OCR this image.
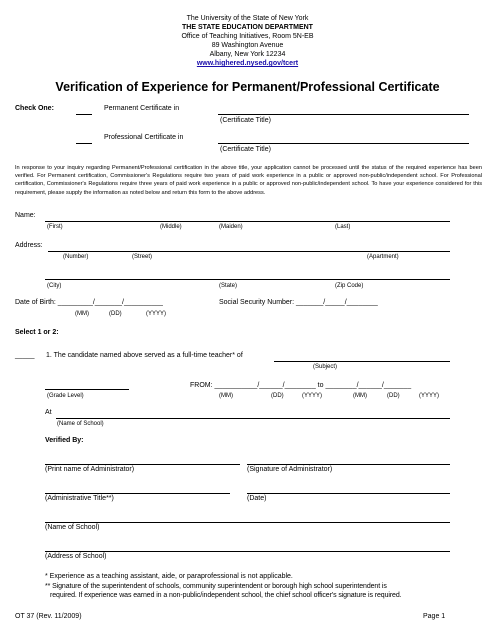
The University of the State of New York
THE STATE EDUCATION DEPARTMENT
Office of Teaching Initiatives, Room 5N-EB
89 Washington Avenue
Albany, New York 12234
www.highered.nysed.gov/tcert
Verification of Experience for Permanent/Professional Certificate
Check One:	Permanent Certificate in
(Certificate Title)
Professional Certificate in
(Certificate Title)
In response to your inquiry regarding Permanent/Professional certification in the above title, your application cannot be processed until the status of the required experience has been verified. For Permanent certification, Commissioner's Regulations require two years of paid work experience in a public or approved non-public/independent school. For Professional certification, Commissioner's Regulations require three years of paid work experience in a public or approved non-public/independent school. To have your experience considered for this requirement, please supply the information as noted below and return this form to the above address.
Name:
(First)	(Middle)	(Maiden)	(Last)
Address:
(Number)	(Street)	(Apartment)
(City)	(State)	(Zip Code)
Date of Birth: _________/_______/__________
(MM)	(DD)	(YYYY)
Social Security Number: _______/_____/________
Select 1 or 2:
_____ 1. The candidate named above served as a full-time teacher* of
(Subject)
(Grade Level)
FROM: ___________/______/________ to ________/______/_______
(MM)	(DD)	(YYYY)	(MM)	(DD)	(YYYY)
At
(Name of School)
Verified By:
(Print name of Administrator)	(Signature of Administrator)
(Administrative Title**)	(Date)
(Name of School)
(Address of School)
* Experience as a teaching assistant, aide, or paraprofessional is not applicable.
** Signature of the superintendent of schools, community superintendent or borough high school superintendent is
required. If experience was earned in a non-public/independent school, the chief school officer's signature is required.
OT 37 (Rev. 11/2009)	Page 1
